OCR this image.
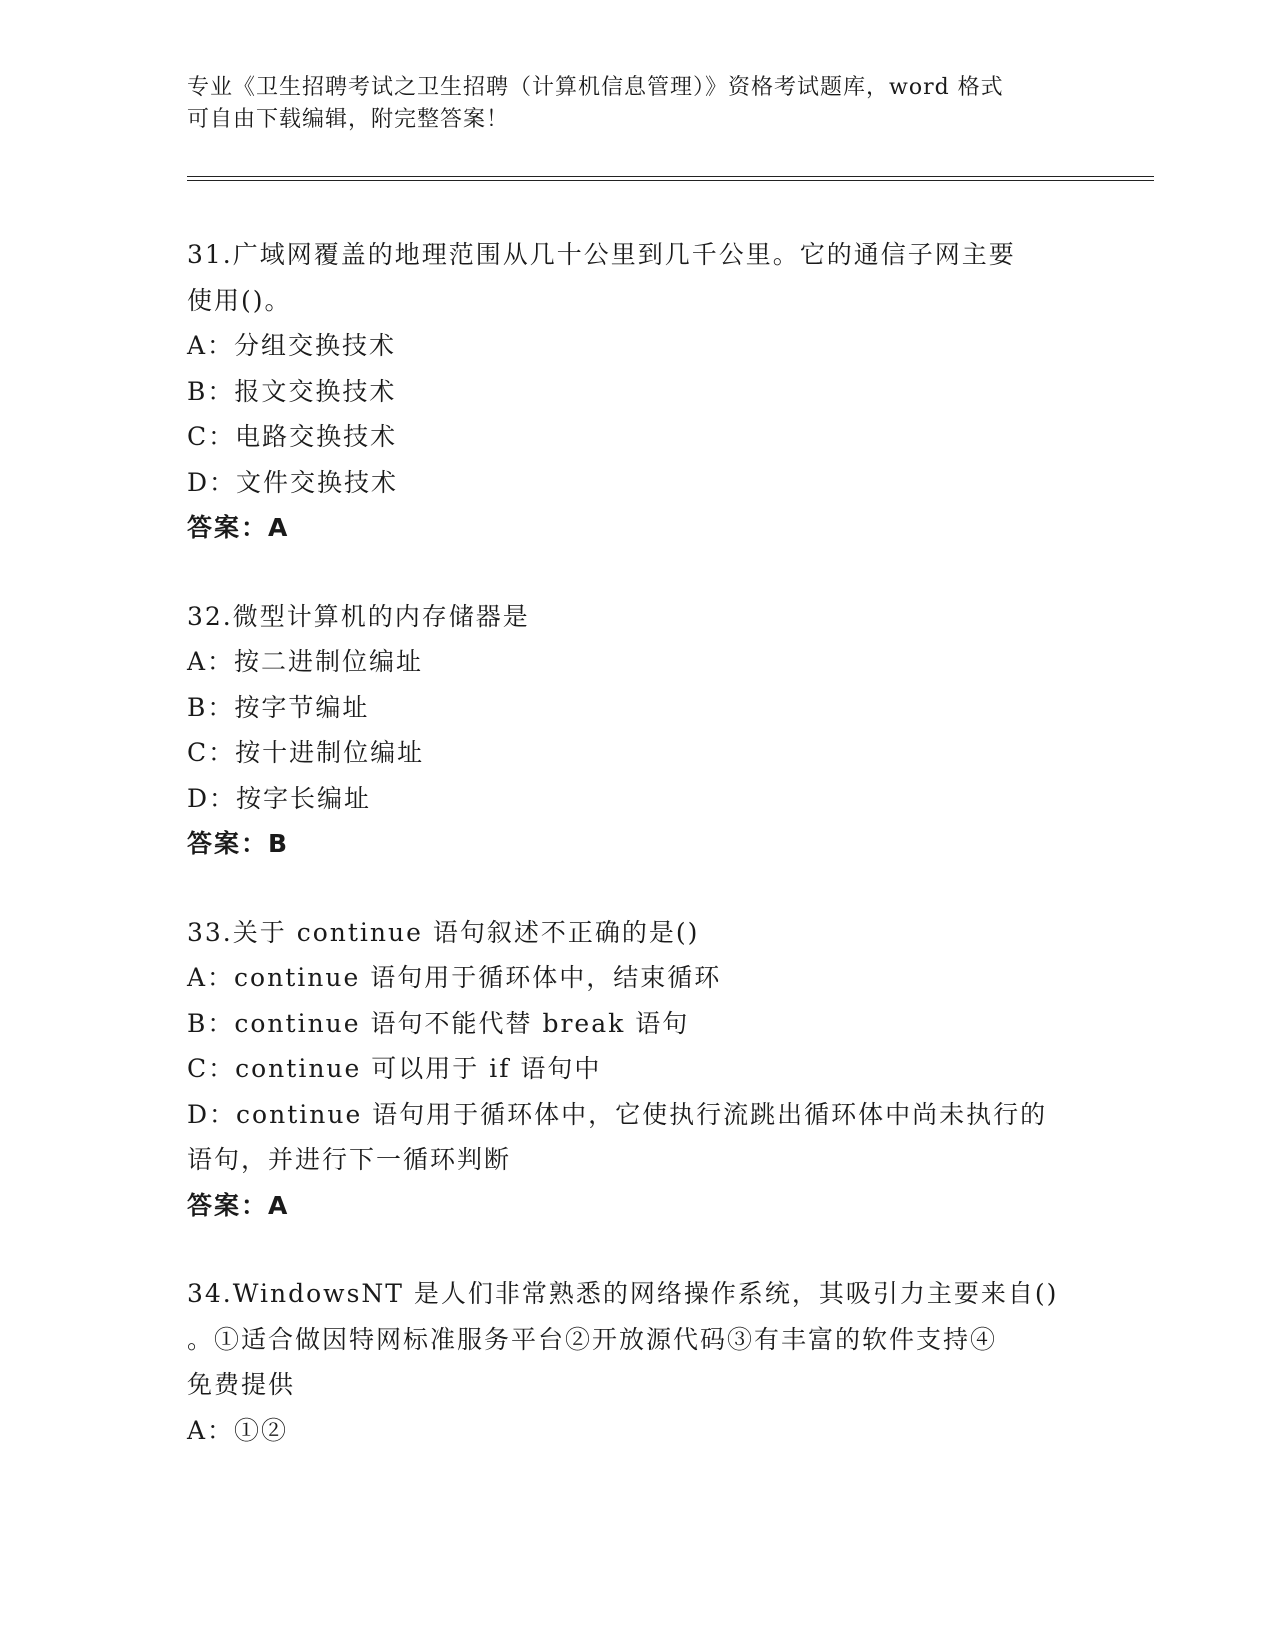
专业《卫生招聘考试之卫生招聘（计算机信息管理）》资格考试题库，word 格式
可自由下载编辑，附完整答案！
31.广域网覆盖的地理范围从几十公里到几千公里。它的通信子网主要
使用()。
A：分组交换技术
B：报文交换技术
C：电路交换技术
D：文件交换技术
答案：A
32.微型计算机的内存储器是
A：按二进制位编址
B：按字节编址
C：按十进制位编址
D：按字长编址
答案：B
33.关于 continue 语句叙述不正确的是()
A：continue 语句用于循环体中，结束循环
B：continue 语句不能代替 break 语句
C：continue 可以用于 if 语句中
D：continue 语句用于循环体中，它使执行流跳出循环体中尚未执行的
语句，并进行下一循环判断
答案：A
34.WindowsNT 是人们非常熟悉的网络操作系统，其吸引力主要来自()
。①适合做因特网标准服务平台②开放源代码③有丰富的软件支持④
免费提供
A：①②
